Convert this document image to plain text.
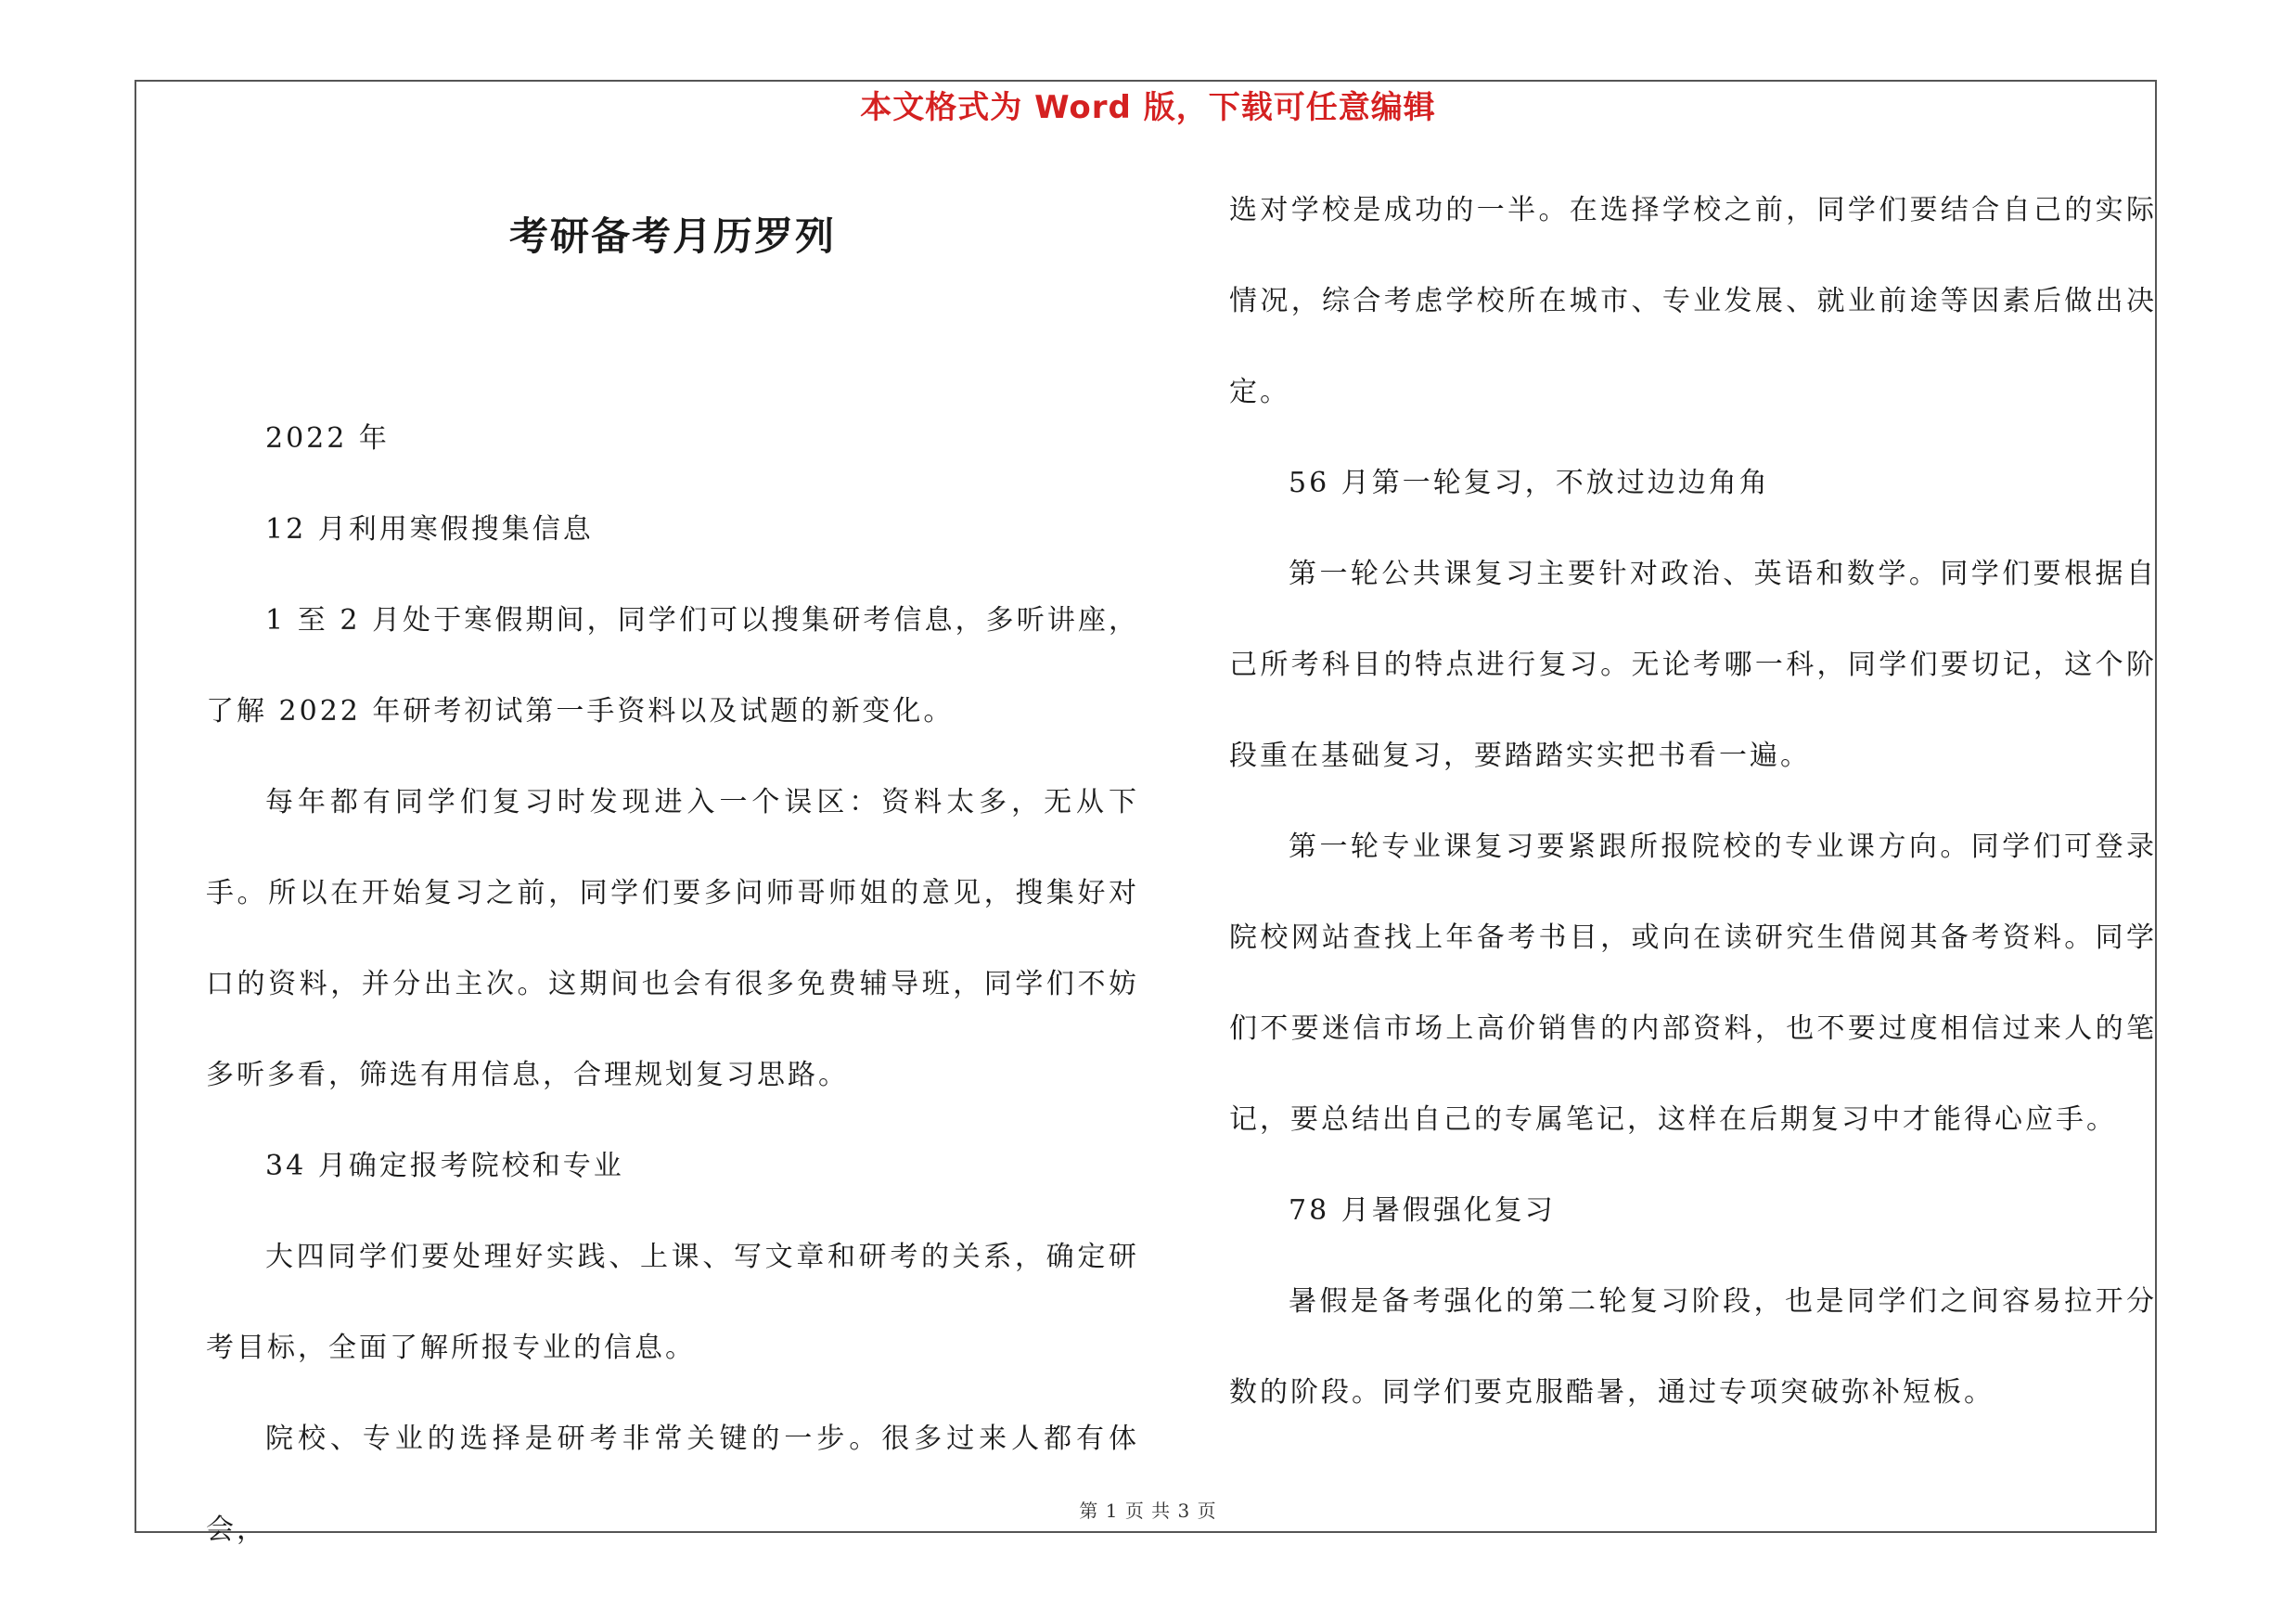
本文格式为 Word 版，下载可任意编辑
考研备考月历罗列

2022 年

12 月利用寒假搜集信息

1 至 2 月处于寒假期间，同学们可以搜集研考信息，多听讲座，了解 2022 年研考初试第一手资料以及试题的新变化。

每年都有同学们复习时发现进入一个误区：资料太多，无从下手。所以在开始复习之前，同学们要多问师哥师姐的意见，搜集好对口的资料，并分出主次。这期间也会有很多免费辅导班，同学们不妨多听多看，筛选有用信息，合理规划复习思路。

34 月确定报考院校和专业

大四同学们要处理好实践、上课、写文章和研考的关系，确定研考目标，全面了解所报专业的信息。

院校、专业的选择是研考非常关键的一步。很多过来人都有体会，

选对学校是成功的一半。在选择学校之前，同学们要结合自己的实际情况，综合考虑学校所在城市、专业发展、就业前途等因素后做出决定。

56 月第一轮复习，不放过边边角角

第一轮公共课复习主要针对政治、英语和数学。同学们要根据自己所考科目的特点进行复习。无论考哪一科，同学们要切记，这个阶段重在基础复习，要踏踏实实把书看一遍。

第一轮专业课复习要紧跟所报院校的专业课方向。同学们可登录院校网站查找上年备考书目，或向在读研究生借阅其备考资料。同学们不要迷信市场上高价销售的内部资料，也不要过度相信过来人的笔记，要总结出自己的专属笔记，这样在后期复习中才能得心应手。

78 月暑假强化复习

暑假是备考强化的第二轮复习阶段，也是同学们之间容易拉开分数的阶段。同学们要克服酷暑，通过专项突破弥补短板。

第 1 页 共 3 页
